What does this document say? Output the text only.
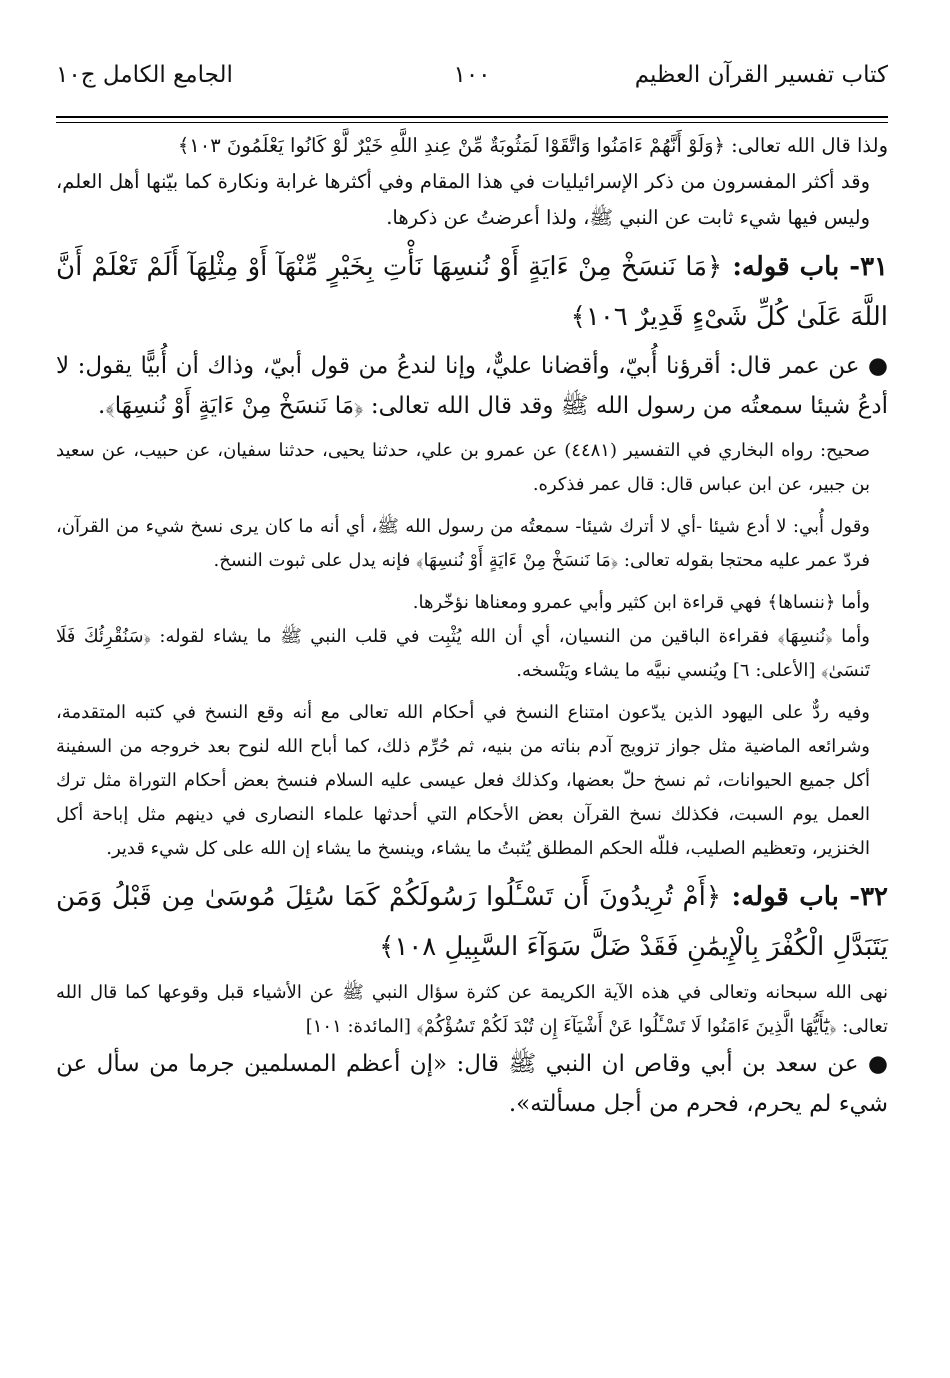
كتاب تفسير القرآن العظيم
١٠٠
الجامع الكامل ج١٠

ولذا قال الله تعالى: ﴿وَلَوْ أَنَّهُمْ ءَامَنُوا وَاتَّقَوْا لَمَثُوبَةٌ مِّنْ عِندِ اللَّهِ خَيْرٌ لَّوْ كَانُوا يَعْلَمُونَ ١٠٣﴾

وقد أكثر المفسرون من ذكر الإسرائيليات في هذا المقام وفي أكثرها غرابة ونكارة كما بيّنها أهل العلم، وليس فيها شيء ثابت عن النبي ﷺ، ولذا أعرضتُ عن ذكرها.

٣١- باب قوله: ﴿مَا نَنسَخْ مِنْ ءَايَةٍ أَوْ نُنسِهَا نَأْتِ بِخَيْرٍ مِّنْهَآ أَوْ مِثْلِهَآ أَلَمْ تَعْلَمْ أَنَّ اللَّهَ عَلَىٰ كُلِّ شَىْءٍ قَدِيرٌ ١٠٦﴾

● عن عمر قال: أقرؤنا أُبيّ، وأقضانا عليٌّ، وإنا لندعُ من قول أبيّ، وذاك أن أُبيًّا يقول: لا أدعُ شيئا سمعتُه من رسول الله ﷺ وقد قال الله تعالى: ﴿مَا نَنسَخْ مِنْ ءَايَةٍ أَوْ نُنسِهَا﴾.

صحيح: رواه البخاري في التفسير (٤٤٨١) عن عمرو بن علي، حدثنا يحيى، حدثنا سفيان، عن حبيب، عن سعيد بن جبير، عن ابن عباس قال: قال عمر فذكره.

وقول أُبي: لا أدع شيئا -أي لا أترك شيئا- سمعتُه من رسول الله ﷺ، أي أنه ما كان يرى نسخ شيء من القرآن، فردّ عمر عليه محتجا بقوله تعالى: ﴿مَا نَنسَخْ مِنْ ءَايَةٍ أَوْ نُنسِهَا﴾ فإنه يدل على ثبوت النسخ.

وأما ﴿ننساها﴾ فهي قراءة ابن كثير وأبي عمرو ومعناها نؤخّرها.

وأما ﴿نُنسِهَا﴾ فقراءة الباقين من النسيان، أي أن الله يُثْبِت في قلب النبي ﷺ ما يشاء لقوله: ﴿سَنُقْرِئُكَ فَلَا تَنسَىٰ﴾ [الأعلى: ٦] ويُنسي نبيَّه ما يشاء ويَنْسخه.

وفيه ردٌّ على اليهود الذين يدّعون امتناع النسخ في أحكام الله تعالى مع أنه وقع النسخ في كتبه المتقدمة، وشرائعه الماضية مثل جواز تزويج آدم بناته من بنيه، ثم حُرِّم ذلك، كما أباح الله لنوح بعد خروجه من السفينة أكل جميع الحيوانات، ثم نسخ حلّ بعضها، وكذلك فعل عيسى عليه السلام فنسخ بعض أحكام التوراة مثل ترك العمل يوم السبت، فكذلك نسخ القرآن بعض الأحكام التي أحدثها علماء النصارى في دينهم مثل إباحة أكل الخنزير، وتعظيم الصليب، فللّه الحكم المطلق يُثبتُ ما يشاء، وينسخ ما يشاء إن الله على كل شيء قدير.

٣٢- باب قوله: ﴿أَمْ تُرِيدُونَ أَن تَسْـَٔلُوا رَسُولَكُمْ كَمَا سُئِلَ مُوسَىٰ مِن قَبْلُ وَمَن يَتَبَدَّلِ الْكُفْرَ بِالْإِيمَٰنِ فَقَدْ ضَلَّ سَوَآءَ السَّبِيلِ ١٠٨﴾

نهى الله سبحانه وتعالى في هذه الآية الكريمة عن كثرة سؤال النبي ﷺ عن الأشياء قبل وقوعها كما قال الله تعالى: ﴿يَٰٓأَيُّهَا الَّذِينَ ءَامَنُوا لَا تَسْـَٔلُوا عَنْ أَشْيَآءَ إِن تُبْدَ لَكُمْ تَسُؤْكُمْ﴾ [المائدة: ١٠١]

● عن سعد بن أبي وقاص ان النبي ﷺ قال: «إن أعظم المسلمين جرما من سأل عن شيء لم يحرم، فحرم من أجل مسألته».
